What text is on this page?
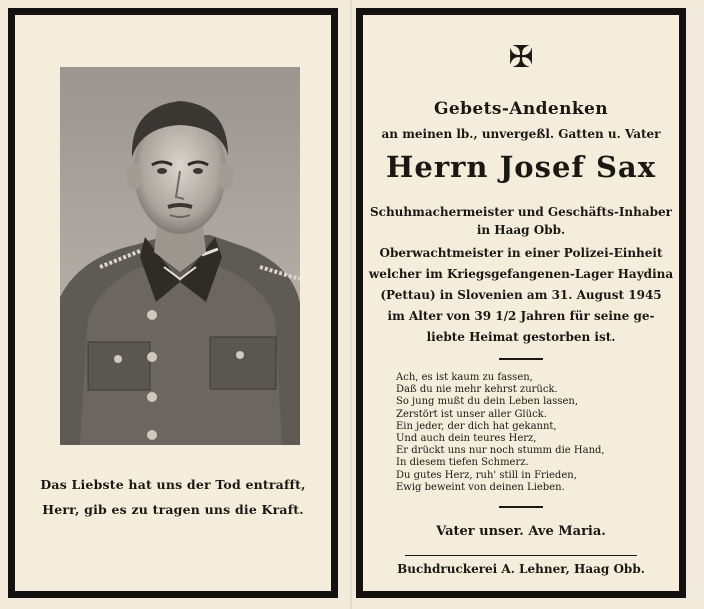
Das Liebste hat uns der Tod entrafft,
Herr, gib es zu tragen uns die Kraft.
✠
Gebets-Andenken
an meinen lb., unvergeßl. Gatten u. Vater
Herrn Josef Sax
Schuhmachermeister und Geschäfts-Inhaber
in Haag Obb.
Oberwachtmeister in einer Polizei-Einheit
welcher im Kriegsgefangenen-Lager Haydina
(Pettau) in Slovenien am 31. August 1945
im Alter von 39 1/2 Jahren für seine ge-
liebte Heimat gestorben ist.
Ach, es ist kaum zu fassen,
Daß du nie mehr kehrst zurück.
So jung mußt du dein Leben lassen,
Zerstört ist unser aller Glück.
Ein jeder, der dich hat gekannt,
Und auch dein teures Herz,
Er drückt uns nur noch stumm die Hand,
In diesem tiefen Schmerz.
Du gutes Herz, ruh' still in Frieden,
Ewig beweint von deinen Lieben.
Vater unser. Ave Maria.
Buchdruckerei A. Lehner, Haag Obb.
